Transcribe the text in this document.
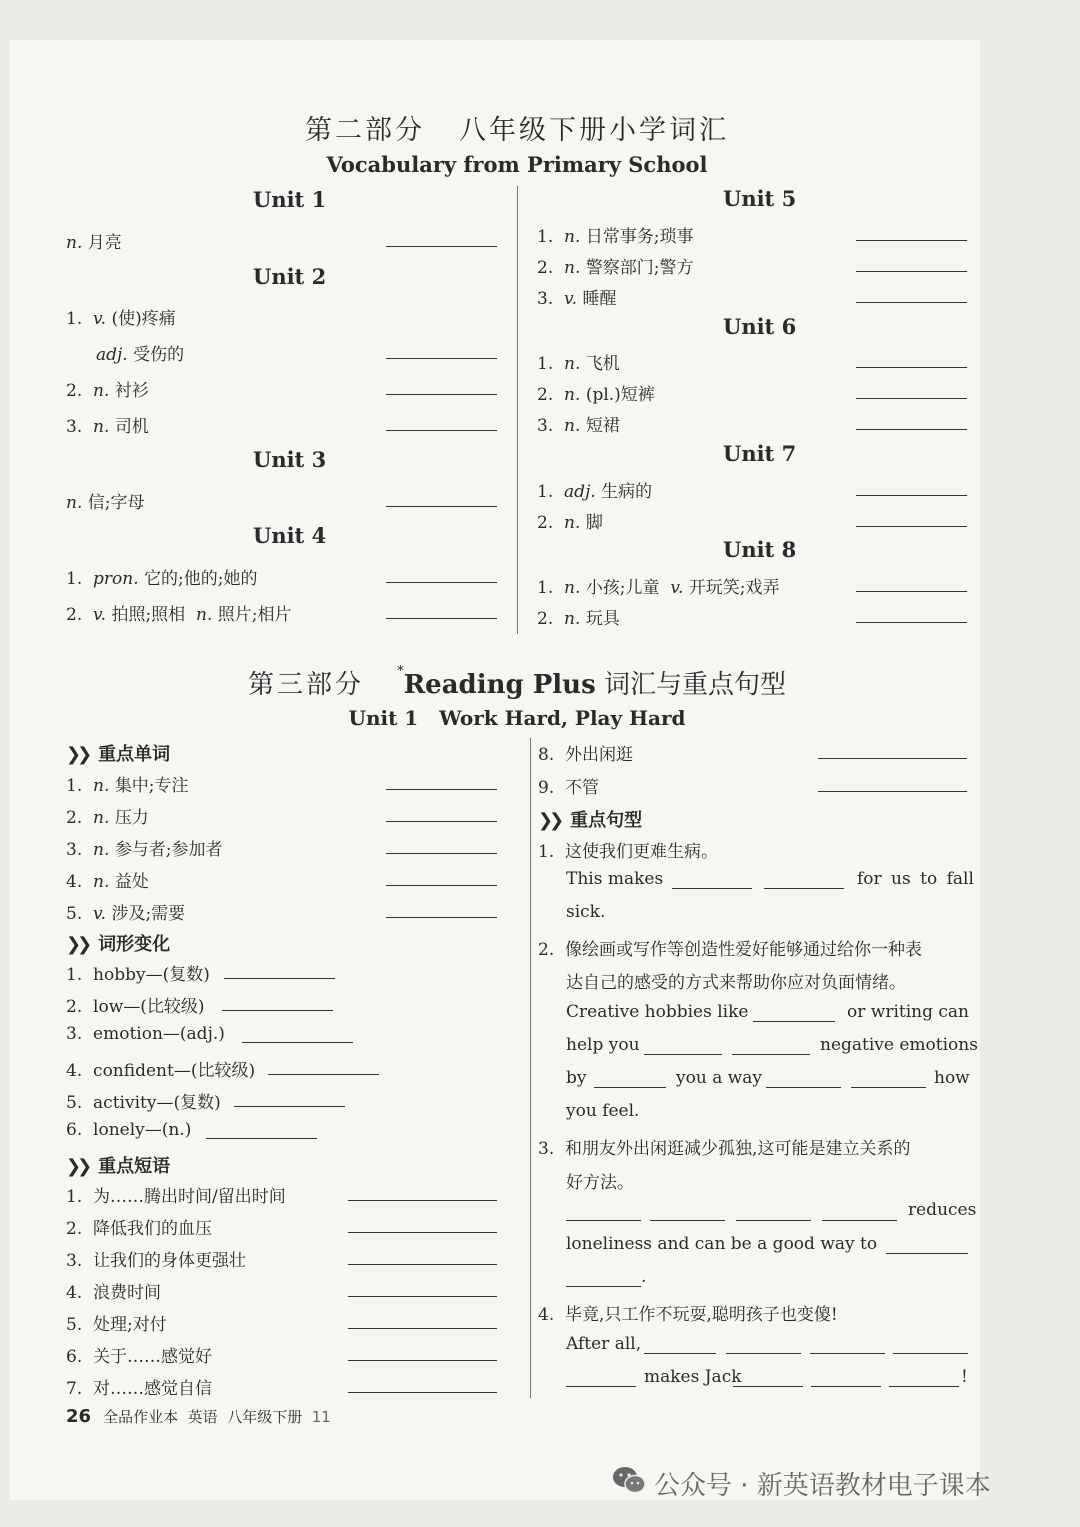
第二部分 八年级下册小学词汇
Vocabulary from Primary School
Unit 1
n. 月亮
Unit 2
1. v. (使)疼痛
adj. 受伤的
2. n. 衬衫
3. n. 司机
Unit 3
n. 信;字母
Unit 4
1. pron. 它的;他的;她的
2. v. 拍照;照相 n. 照片;相片
Unit 5
1. n. 日常事务;琐事
2. n. 警察部门;警方
3. v. 睡醒
Unit 6
1. n. 飞机
2. n. (pl.)短裤
3. n. 短裙
Unit 7
1. adj. 生病的
2. n. 脚
Unit 8
1. n. 小孩;儿童 v. 开玩笑;戏弄
2. n. 玩具
第三部分	*Reading Plus 词汇与重点句型
Unit 1   Work Hard, Play Hard
❯❯ 重点单词
1. n. 集中;专注
2. n. 压力
3. n. 参与者;参加者
4. n. 益处
5. v. 涉及;需要
❯❯ 词形变化
1. hobby—(复数)
2. low—(比较级)
3. emotion—(adj.)
4. confident—(比较级)
5. activity—(复数)
6. lonely—(n.)
❯❯ 重点短语
1. 为……腾出时间/留出时间
2. 降低我们的血压
3. 让我们的身体更强壮
4. 浪费时间
5. 处理;对付
6. 关于……感觉好
7. 对……感觉自信
8. 外出闲逛
9. 不管
❯❯ 重点句型
1. 这使我们更难生病。
This makes	for us to fall
sick.
2. 像绘画或写作等创造性爱好能够通过给你一种表
达自己的感受的方式来帮助你应对负面情绪。
Creative hobbies like	or writing can
help you	negative emotions
by	you a way	how
you feel.
3. 和朋友外出闲逛减少孤独,这可能是建立关系的
好方法。
reduces
loneliness and can be a good way to
.
4. 毕竟,只工作不玩耍,聪明孩子也变傻!
After all,
makes Jack	!
26 全品作业本 英语 八年级下册 11
公众号 · 新英语教材电子课本
